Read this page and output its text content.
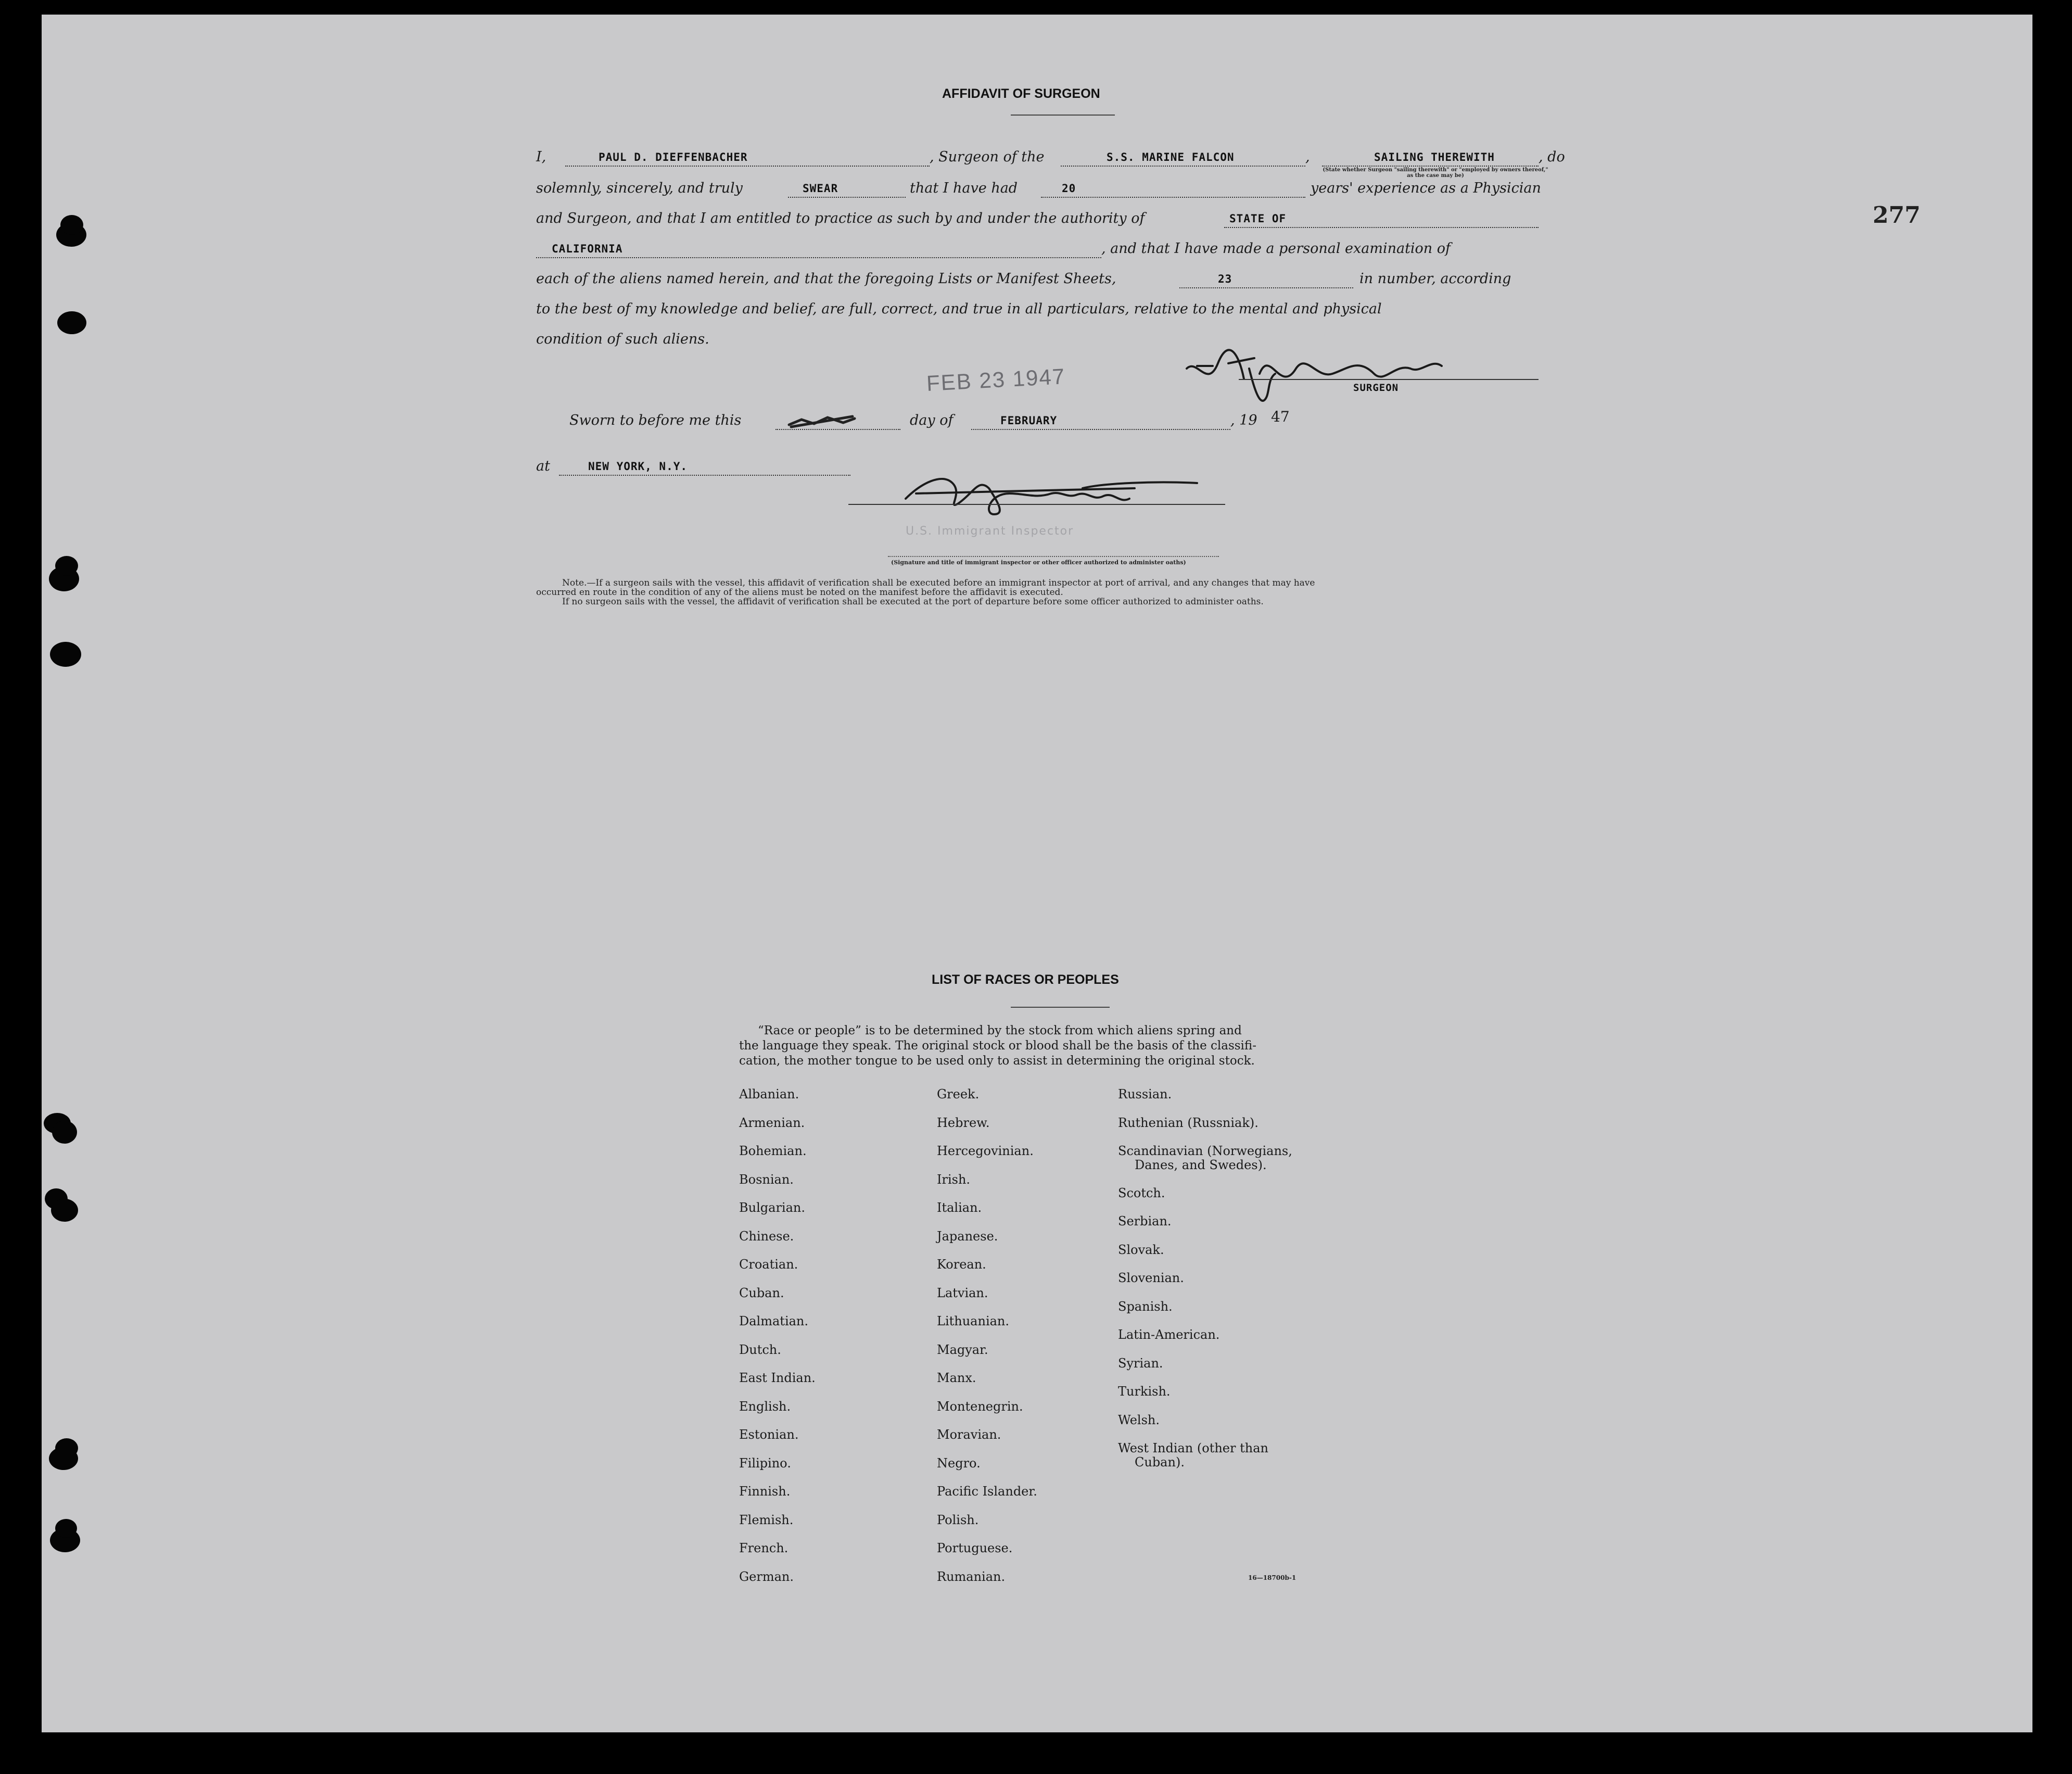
277
AFFIDAVIT OF SURGEON
I,	PAUL D. DIEFFENBACHER	, Surgeon of the	S.S. MARINE FALCON	,	SAILING THEREWITH	, do
(State whether Surgeon "sailing therewith" or "employed by owners thereof," as the case may be)
solemnly, sincerely, and truly	SWEAR	that I have had	20	years' experience as a Physician
and Surgeon, and that I am entitled to practice as such by and under the authority of	STATE OF
CALIFORNIA	, and that I have made a personal examination of
each of the aliens named herein, and that the foregoing Lists or Manifest Sheets,	23	in number, according
to the best of my knowledge and belief, are full, correct, and true in all particulars, relative to the mental and physical
condition of such aliens.
FEB 23 1947	SURGEON
Sworn to before me this	day of	FEBRUARY	, 19 47
at	NEW YORK, N.Y.
U.S. Immigrant Inspector
(Signature and title of immigrant inspector or other officer authorized to administer oaths)
Note.—If a surgeon sails with the vessel, this affidavit of verification shall be executed before an immigrant inspector at port of arrival, and any changes that may have
occurred en route in the condition of any of the aliens must be noted on the manifest before the affidavit is executed.
If no surgeon sails with the vessel, the affidavit of verification shall be executed at the port of departure before some officer authorized to administer oaths.
LIST OF RACES OR PEOPLES
“Race or people” is to be determined by the stock from which aliens spring and
the language they speak. The original stock or blood shall be the basis of the classifi-
cation, the mother tongue to be used only to assist in determining the original stock.
Albanian.
Armenian.
Bohemian.
Bosnian.
Bulgarian.
Chinese.
Croatian.
Cuban.
Dalmatian.
Dutch.
East Indian.
English.
Estonian.
Filipino.
Finnish.
Flemish.
French.
German.
Greek.
Hebrew.
Hercegovinian.
Irish.
Italian.
Japanese.
Korean.
Latvian.
Lithuanian.
Magyar.
Manx.
Montenegrin.
Moravian.
Negro.
Pacific Islander.
Polish.
Portuguese.
Rumanian.
Russian.
Ruthenian (Russniak).
Scandinavian (Norwegians,
Danes, and Swedes).
Scotch.
Serbian.
Slovak.
Slovenian.
Spanish.
Latin-American.
Syrian.
Turkish.
Welsh.
West Indian (other than
Cuban).
16—18700b-1
